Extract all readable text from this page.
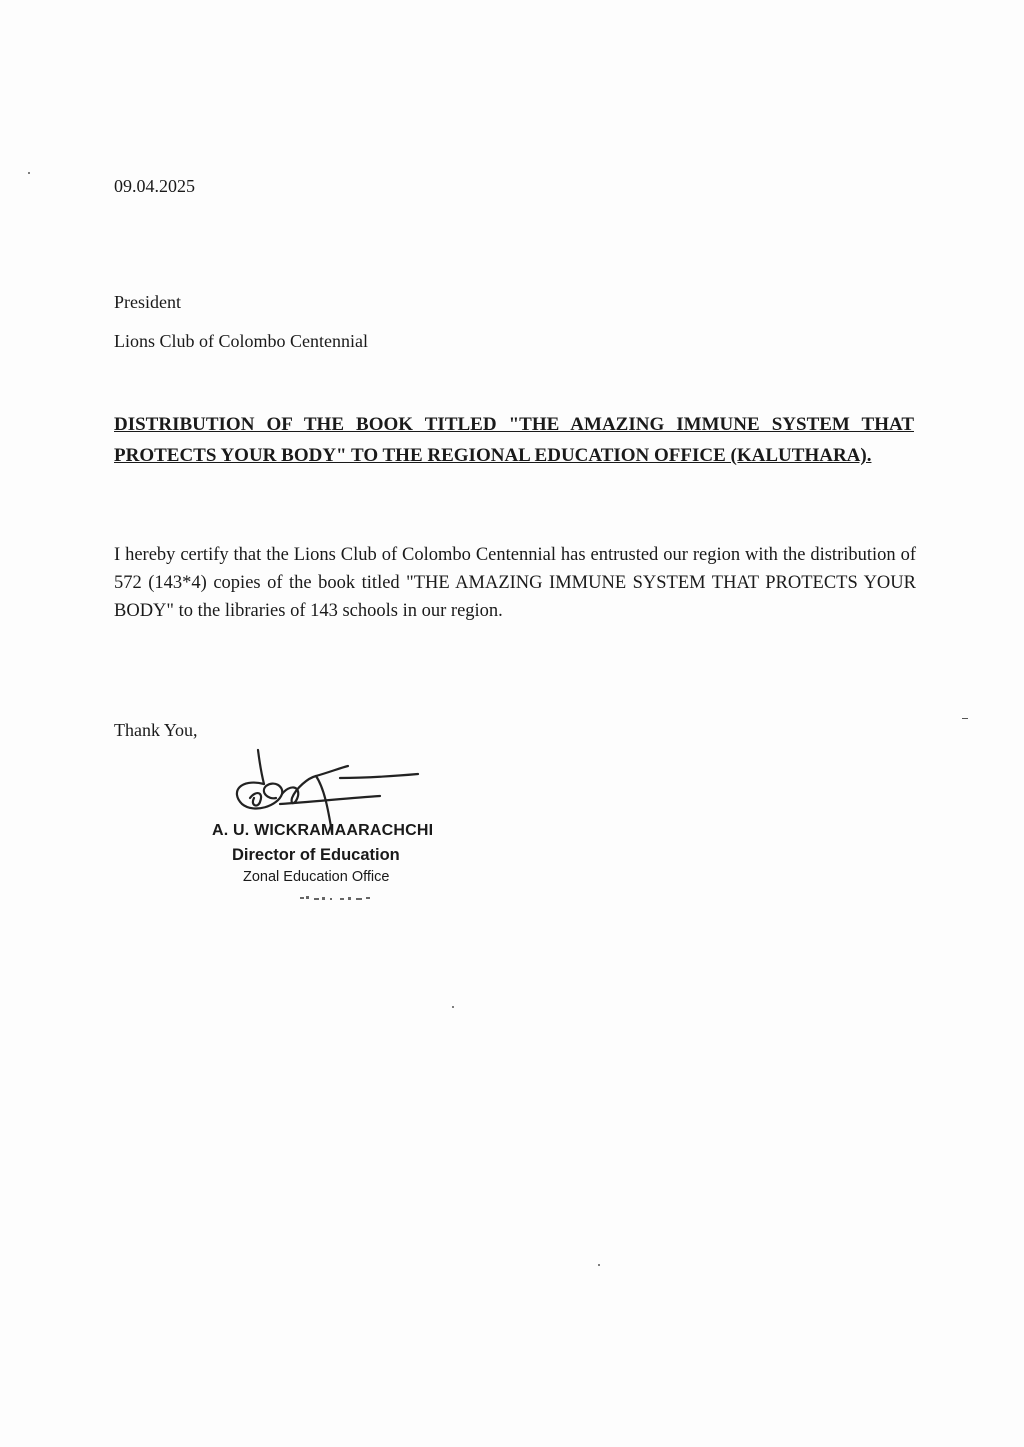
09.04.2025
President
Lions Club of Colombo Centennial
DISTRIBUTION OF THE BOOK TITLED "THE AMAZING IMMUNE SYSTEM THAT PROTECTS YOUR BODY" TO THE REGIONAL EDUCATION OFFICE (KALUTHARA).
I hereby certify that the Lions Club of Colombo Centennial has entrusted our region with the distribution of 572 (143*4) copies of the book titled "THE AMAZING IMMUNE SYSTEM THAT PROTECTS YOUR BODY" to the libraries of 143 schools in our region.
Thank You,
A. U. WICKRAMAARACHCHI
Director of Education
Zonal Education Office
